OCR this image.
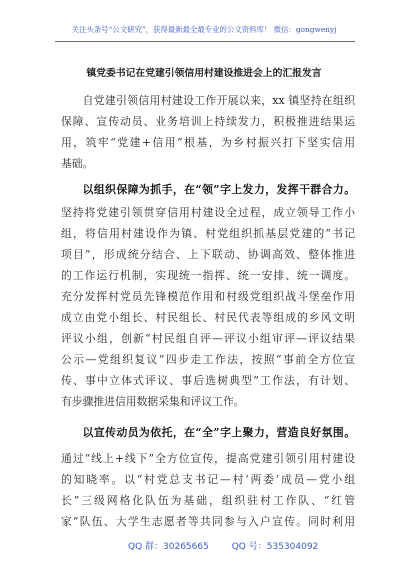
关注头条号“公文研究”，获得最新最全最专业的公文资料库！ 微信：gongwenyj
镇党委书记在党建引领信用村建设推进会上的汇报发言
自党建引领信用村建设工作开展以来，xx 镇坚持在组织
保障、宣传动员、业务培训上持续发力，积极推进结果运
用，筑牢“党建+信用”根基，为乡村振兴打下坚实信用
基础。
以组织保障为抓手，在“领”字上发力，发挥干群合力。
坚持将党建引领贯穿信用村建设全过程，成立领导工作小
组，将信用村建设作为镇、村党组织抓基层党建的“书记
项目”，形成统分结合、上下联动、协调高效、整体推进
的工作运行机制，实现统一指挥、统一安排、统一调度。
充分发挥村党员先锋模范作用和村级党组织战斗堡垒作用
成立由党小组长、村民组长、村民代表等组成的乡风文明
评议小组，创新“村民组自评—评议小组审评—评议结果
公示—党组织复议”四步走工作法，按照“事前全方位宣
传、事中立体式评议、事后选树典型”工作法，有计划、
有步骤推进信用数据采集和评议工作。
以宣传动员为依托，在“全”字上聚力，营造良好氛围。
通过“线上+线下”全方位宣传，提高党建引领引用村建设
的知晓率。以“村党总支书记—村‘两委’成员—党小组
长”三级网格化队伍为基础，组织驻村工作队、“红管
家”队伍、大学生志愿者等共同参与入户宣传。同时利用
QQ 群：30265665	QQ 号：535304092
